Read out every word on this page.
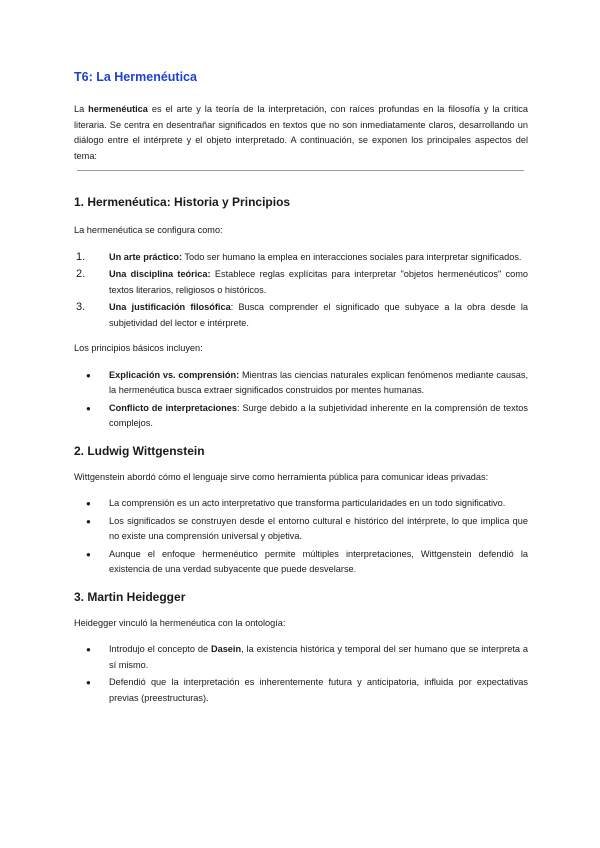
T6: La Hermenéutica

La hermenéutica es el arte y la teoría de la interpretación, con raíces profundas en la filosofía y la crítica literaria. Se centra en desentrañar significados en textos que no son inmediatamente claros, desarrollando un diálogo entre el intérprete y el objeto interpretado. A continuación, se exponen los principales aspectos del tema:

1. Hermenéutica: Historia y Principios

La hermenéutica se configura como:

1.	Un arte práctico: Todo ser humano la emplea en interacciones sociales para interpretar significados.
2.	Una disciplina teórica: Establece reglas explícitas para interpretar "objetos hermenéuticos" como textos literarios, religiosos o históricos.
3.	Una justificación filosófica: Busca comprender el significado que subyace a la obra desde la subjetividad del lector e intérprete.

Los principios básicos incluyen:

● Explicación vs. comprensión: Mientras las ciencias naturales explican fenómenos mediante causas, la hermenéutica busca extraer significados construidos por mentes humanas.
● Conflicto de interpretaciones: Surge debido a la subjetividad inherente en la comprensión de textos complejos.
2. Ludwig Wittgenstein

Wittgenstein abordó cómo el lenguaje sirve como herramienta pública para comunicar ideas privadas:

● La comprensión es un acto interpretativo que transforma particularidades en un todo significativo.
● Los significados se construyen desde el entorno cultural e histórico del intérprete, lo que implica que no existe una comprensión universal y objetiva.
● Aunque el enfoque hermenéutico permite múltiples interpretaciones, Wittgenstein defendió la existencia de una verdad subyacente que puede desvelarse.
3. Martin Heidegger

Heidegger vinculó la hermenéutica con la ontología:

● Introdujo el concepto de Dasein, la existencia histórica y temporal del ser humano que se interpreta a sí mismo.
● Defendió que la interpretación es inherentemente futura y anticipatoria, influida por expectativas previas (preestructuras).
